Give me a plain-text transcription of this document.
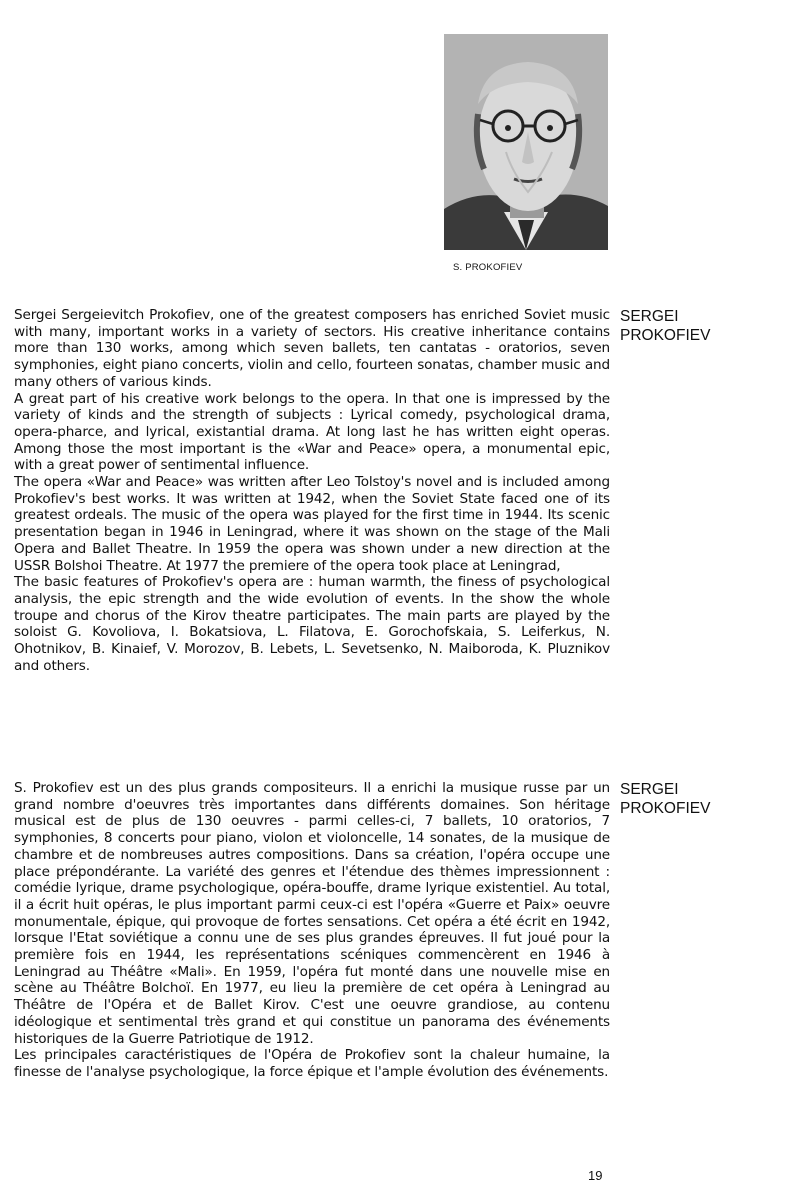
S. PROKOFIEV

Sergei Sergeievitch Prokofiev, one of the greatest composers has enriched Soviet music with many, important works in a variety of sectors. His creative inheritance contains more than 130 works, among which seven ballets, ten cantatas - oratorios, seven symphonies, eight piano concerts, violin and cello, fourteen sonatas, chamber music and many others of various kinds.

A great part of his creative work belongs to the opera. In that one is impressed by the variety of kinds and the strength of subjects : Lyrical comedy, psychological drama, opera-pharce, and lyrical, existantial drama. At long last he has written eight operas. Among those the most important is the «War and Peace» opera, a monumental epic, with a great power of sentimental influence.

The opera «War and Peace» was written after Leo Tolstoy's novel and is included among Prokofiev's best works. It was written at 1942, when the Soviet State faced one of its greatest ordeals. The music of the opera was played for the first time in 1944. Its scenic presentation began in 1946 in Leningrad, where it was shown on the stage of the Mali Opera and Ballet Theatre. In 1959 the opera was shown under a new direction at the USSR Bolshoi Theatre. At 1977 the premiere of the opera took place at Leningrad,

The basic features of Prokofiev's opera are : human warmth, the finess of psychological analysis, the epic strength and the wide evolution of events. In the show the whole troupe and chorus of the Kirov theatre participates. The main parts are played by the soloist G. Kovoliova, I. Bokatsiova, L. Filatova, E. Gorochofskaia, S. Leiferkus, N. Ohotnikov, B. Kinaief, V. Morozov, B. Lebets, L. Sevetsenko, N. Maiboroda, K. Pluznikov and others.

SERGEI
PROKOFIEV

S. Prokofiev est un des plus grands compositeurs. Il a enrichi la musique russe par un grand nombre d'oeuvres très importantes dans différents domaines. Son héritage musical est de plus de 130 oeuvres - parmi celles-ci, 7 ballets, 10 oratorios, 7 symphonies, 8 concerts pour piano, violon et violoncelle, 14 sonates, de la musique de chambre et de nombreuses autres compositions. Dans sa création, l'opéra occupe une place prépondérante. La variété des genres et l'étendue des thèmes impressionnent : comédie lyrique, drame psychologique, opéra-bouffe, drame lyrique existentiel. Au total, il a écrit huit opéras, le plus important parmi ceux-ci est l'opéra «Guerre et Paix» oeuvre monumentale, épique, qui provoque de fortes sensations. Cet opéra a été écrit en 1942, lorsque l'Etat soviétique a connu une de ses plus grandes épreuves. Il fut joué pour la première fois en 1944, les représentations scéniques commencèrent en 1946 à Leningrad au Théâtre «Mali». En 1959, l'opéra fut monté dans une nouvelle mise en scène au Théâtre Bolchoï. En 1977, eu lieu la première de cet opéra à Leningrad au Théâtre de l'Opéra et de Ballet Kirov. C'est une oeuvre grandiose, au contenu idéologique et sentimental très grand et qui constitue un panorama des événements historiques de la Guerre Patriotique de 1912.

Les principales caractéristiques de l'Opéra de Prokofiev sont la chaleur humaine, la finesse de l'analyse psychologique, la force épique et l'ample évolution des événements.

SERGEI
PROKOFIEV
19
